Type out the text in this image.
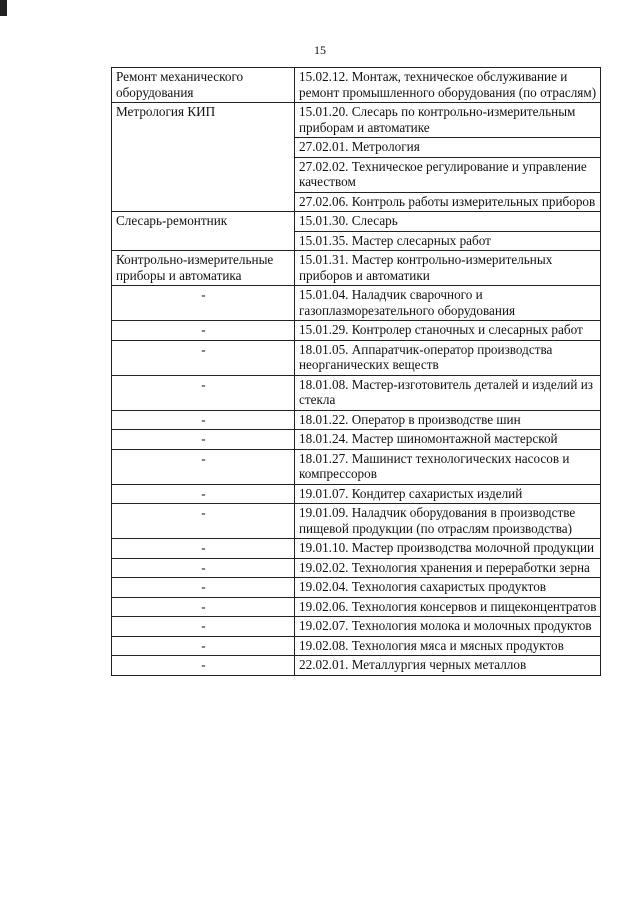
15
Ремонт механического оборудования	15.02.12. Монтаж, техническое обслуживание и ремонт промышленного оборудования (по отраслям)
Метрология КИП	15.01.20. Слесарь по контрольно-измерительным приборам и автоматике
	27.02.01. Метрология
	27.02.02. Техническое регулирование и управление качеством
	27.02.06. Контроль работы измерительных приборов
Слесарь-ремонтник	15.01.30. Слесарь
	15.01.35. Мастер слесарных работ
Контрольно-измерительные приборы и автоматика	15.01.31. Мастер контрольно-измерительных приборов и автоматики
-	15.01.04. Наладчик сварочного и газоплазморезательного оборудования
-	15.01.29. Контролер станочных и слесарных работ
-	18.01.05. Аппаратчик-оператор производства неорганических веществ
-	18.01.08. Мастер-изготовитель деталей и изделий из стекла
-	18.01.22. Оператор в производстве шин
-	18.01.24. Мастер шиномонтажной мастерской
-	18.01.27. Машинист технологических насосов и компрессоров
-	19.01.07. Кондитер сахаристых изделий
-	19.01.09. Наладчик оборудования в производстве пищевой продукции (по отраслям производства)
-	19.01.10. Мастер производства молочной продукции
-	19.02.02. Технология хранения и переработки зерна
-	19.02.04. Технология сахаристых продуктов
-	19.02.06. Технология консервов и пищеконцентратов
-	19.02.07. Технология молока и молочных продуктов
-	19.02.08. Технология мяса и мясных продуктов
-	22.02.01. Металлургия черных металлов
